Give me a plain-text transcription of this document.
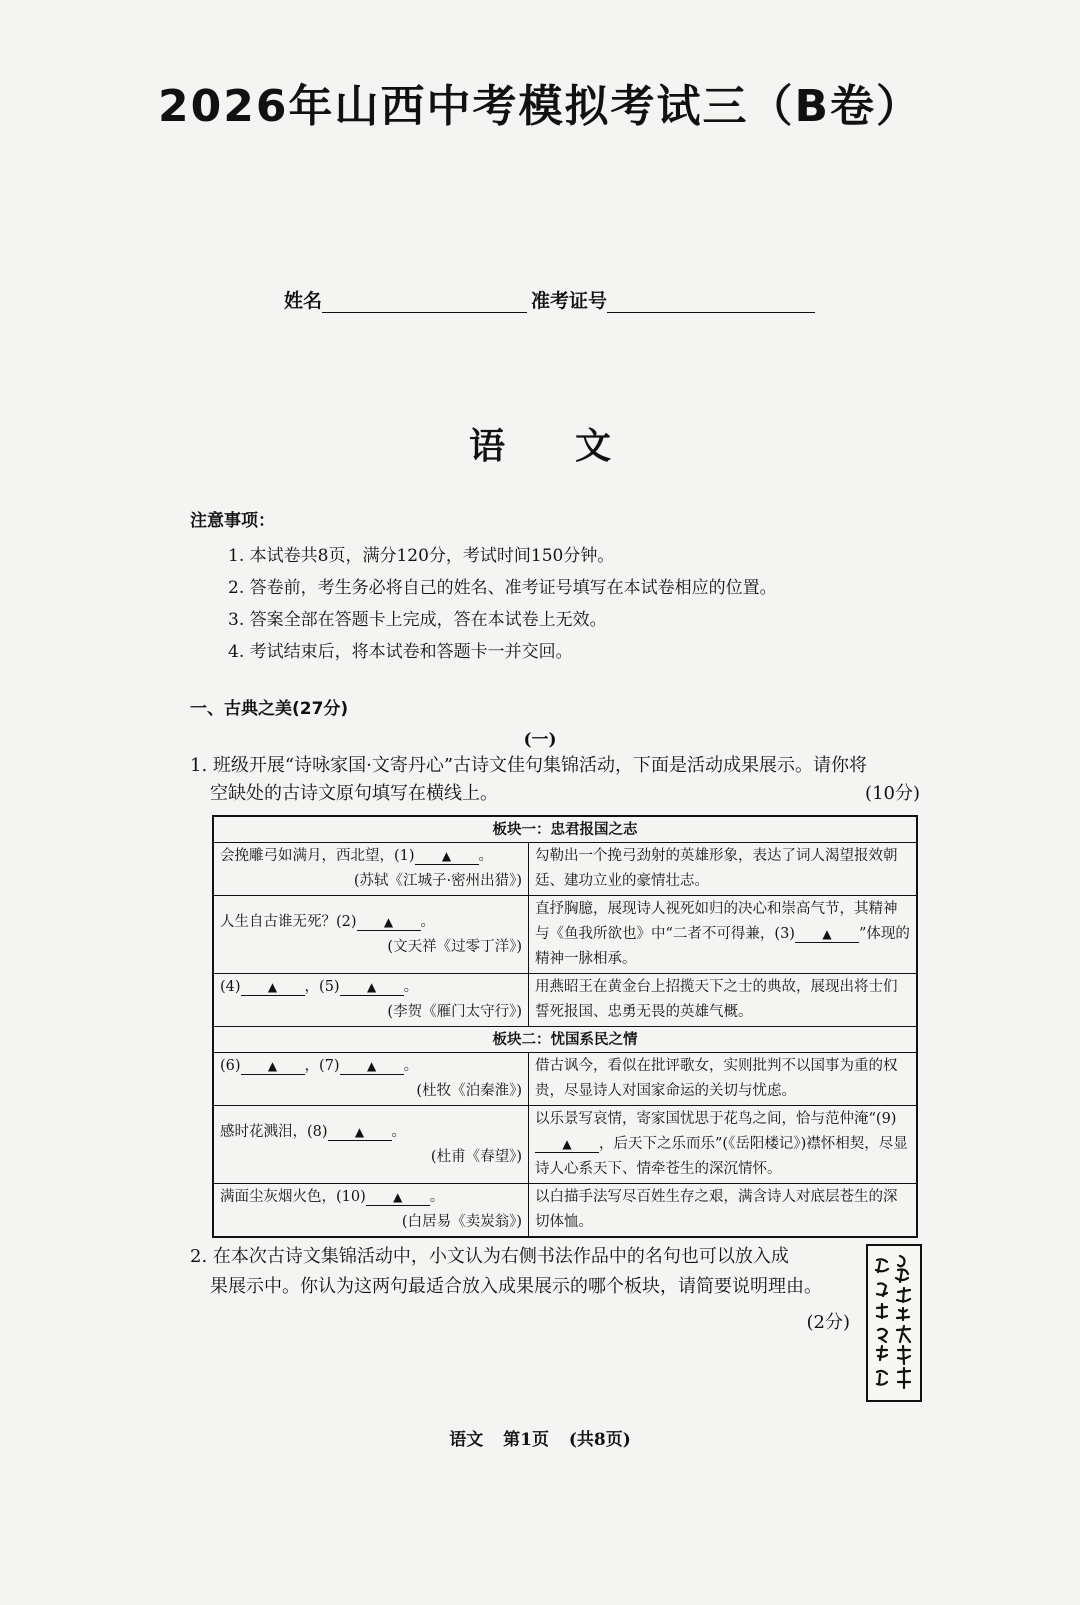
2026年山西中考模拟考试三（B卷）
姓名	准考证号
语文
注意事项：
1. 本试卷共8页，满分120分，考试时间150分钟。
2. 答卷前，考生务必将自己的姓名、准考证号填写在本试卷相应的位置。
3. 答案全部在答题卡上完成，答在本试卷上无效。
4. 考试结束后，将本试卷和答题卡一并交回。
一、古典之美(27分)
(一)
1. 班级开展“诗咏家国·文寄丹心”古诗文佳句集锦活动，下面是活动成果展示。请你将
空缺处的古诗文原句填写在横线上。	(10分)
板块一：忠君报国之志	

会挽雕弓如满月，西北望，(1) ▲ 。
(苏轼《江城子·密州出猎》)	勾勒出一个挽弓劲射的英雄形象，表达了词人渴望报效朝廷、建功立业的豪情壮志。

人生自古谁无死？(2) ▲ 。
(文天祥《过零丁洋》)	直抒胸臆，展现诗人视死如归的决心和崇高气节，其精神与《鱼我所欲也》中“二者不可得兼，(3) ▲ ”体现的精神一脉相承。

(4) ▲ ，(5) ▲ 。
(李贺《雁门太守行》)	用燕昭王在黄金台上招揽天下之士的典故，展现出将士们誓死报国、忠勇无畏的英雄气概。
板块二：忧国系民之情	

(6) ▲ ，(7) ▲ 。
(杜牧《泊秦淮》)	借古讽今，看似在批评歌女，实则批判不以国事为重的权贵，尽显诗人对国家命运的关切与忧虑。

感时花溅泪，(8) ▲ 。
(杜甫《春望》)	以乐景写哀情，寄家国忧思于花鸟之间，恰与范仲淹“(9)▲ ，后天下之乐而乐”(《岳阳楼记》)襟怀相契，尽显诗人心系天下、情牵苍生的深沉情怀。

满面尘灰烟火色，(10) ▲ 。
(白居易《卖炭翁》)	以白描手法写尽百姓生存之艰，满含诗人对底层苍生的深切体恤。
2. 在本次古诗文集锦活动中，小文认为右侧书法作品中的名句也可以放入成
果展示中。你认为这两句最适合放入成果展示的哪个板块，请简要说明理由。
(2分)
语文 第1页 (共8页)
